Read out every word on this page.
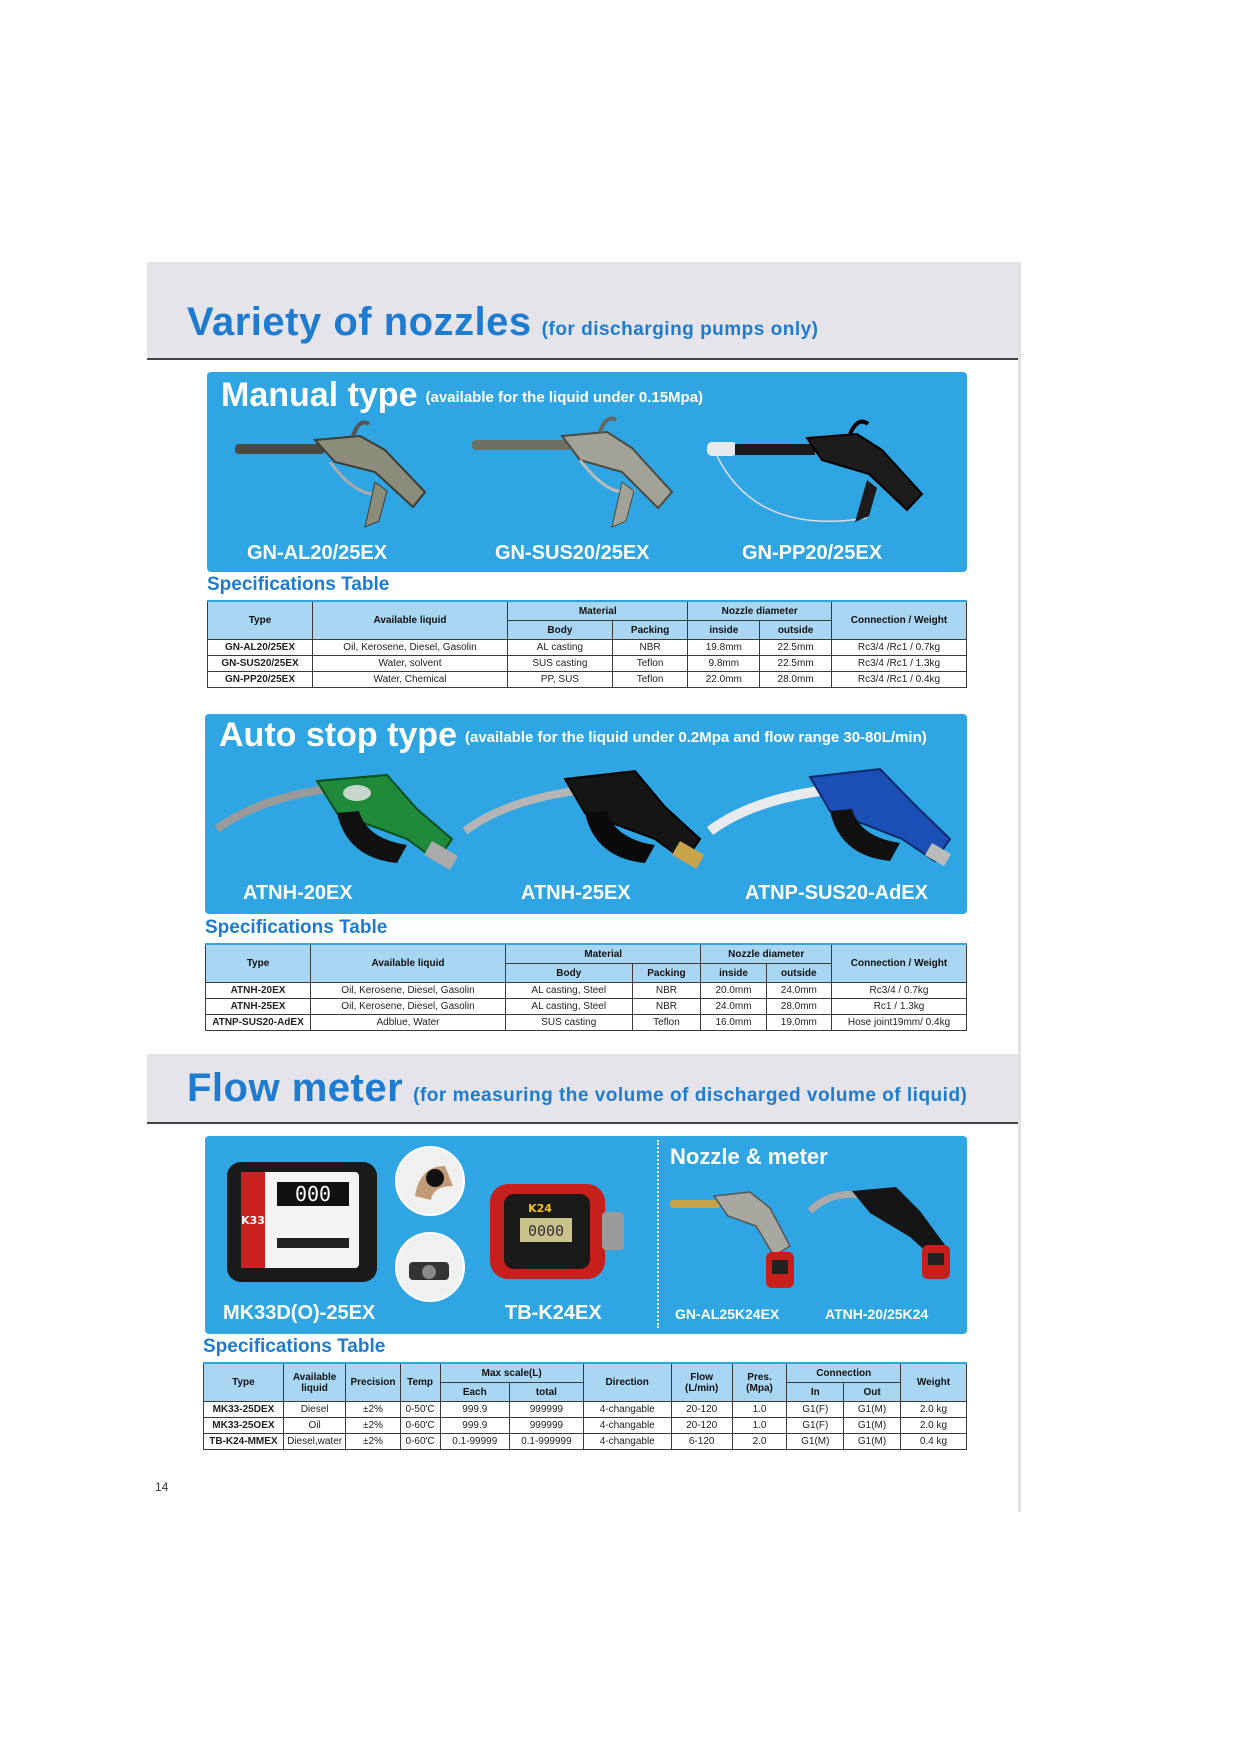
Variety of nozzles (for discharging pumps only)
Manual type (available for the liquid under 0.15Mpa)
GN-AL20/25EX	GN-SUS20/25EX	GN-PP20/25EX
Specifications Table
Type	Available liquid	Material		Nozzle diameter		Connection / Weight
		Body	Packing	inside	outside	
GN-AL20/25EX	Oil, Kerosene, Diesel, Gasolin	AL casting	NBR	19.8mm	22.5mm	Rc3/4 /Rc1 / 0.7kg
GN-SUS20/25EX	Water, solvent	SUS casting	Teflon	9.8mm	22.5mm	Rc3/4 /Rc1 / 1.3kg
GN-PP20/25EX	Water, Chemical	PP, SUS	Teflon	22.0mm	28.0mm	Rc3/4 /Rc1 / 0.4kg
Auto stop type (available for the liquid under 0.2Mpa and flow range 30-80L/min)
ATNH-20EX	ATNH-25EX	ATNP-SUS20-AdEX
Specifications Table
Type	Available liquid	Material		Nozzle diameter		Connection / Weight
		Body	Packing	inside	outside	
ATNH-20EX	Oil, Kerosene, Diesel, Gasolin	AL casting, Steel	NBR	20.0mm	24.0mm	Rc3/4 / 0.7kg
ATNH-25EX	Oil, Kerosene, Diesel, Gasolin	AL casting, Steel	NBR	24.0mm	28.0mm	Rc1 / 1.3kg
ATNP-SUS20-AdEX	Adblue, Water	SUS casting	Teflon	16.0mm	19.0mm	Hose joint19mm/ 0.4kg
Flow meter (for measuring the volume of discharged volume of liquid)
000
K33
K24
0000
Nozzle & meter
MK33D(O)-25EX	TB-K24EX	GN-AL25K24EX	ATNH-20/25K24
Specifications Table
Type	Available liquid	Precision	Temp	Max scale(L)		Direction	Flow (L/min)	Pres. (Mpa)	Connection		Weight
				Each	total				In	Out	
MK33-25DEX	Diesel	±2%	0-50'C	999.9	999999	4-changable	20-120	1.0	G1(F)	G1(M)	2.0 kg
MK33-25OEX	Oil	±2%	0-60'C	999.9	999999	4-changable	20-120	1.0	G1(F)	G1(M)	2.0 kg
TB-K24-MMEX	Diesel,water	±2%	0-60'C	0.1-99999	0.1-999999	4-changable	6-120	2.0	G1(M)	G1(M)	0.4 kg
14
